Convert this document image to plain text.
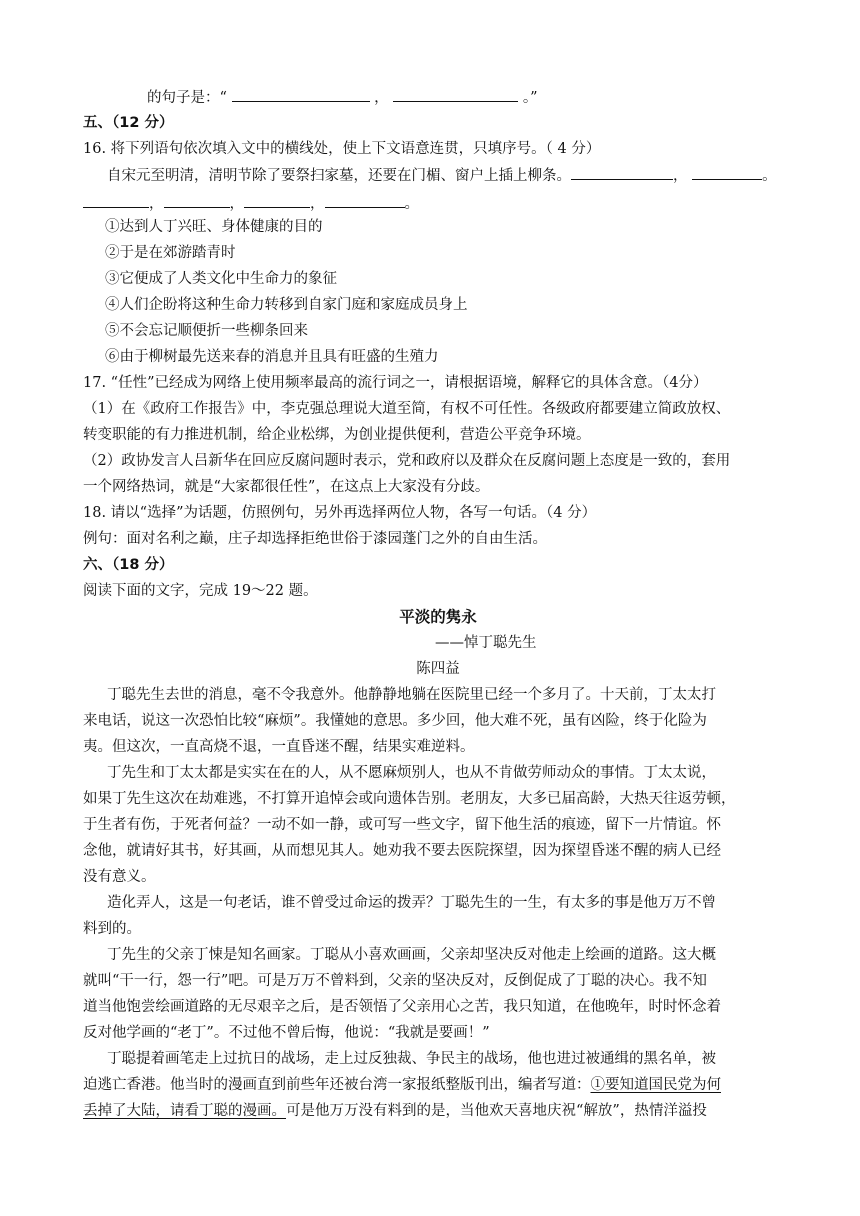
的句子是：“	，	。”
五、（12 分）
16. 将下列语句依次填入文中的横线处，使上下文语意连贯，只填序号。（ 4 分）
自宋元至明清，清明节除了要祭扫家墓，还要在门楣、窗户上插上柳条。	，	。
，	，	，	。
①达到人丁兴旺、身体健康的目的
②于是在郊游踏青时
③它便成了人类文化中生命力的象征
④人们企盼将这种生命力转移到自家门庭和家庭成员身上
⑤不会忘记顺便折一些柳条回来
⑥由于柳树最先送来春的消息并且具有旺盛的生殖力
17. “任性”已经成为网络上使用频率最高的流行词之一，请根据语境，解释它的具体含意。（4分）
（1）在《政府工作报告》中，李克强总理说大道至简，有权不可任性。各级政府都要建立简政放权、
转变职能的有力推进机制，给企业松绑，为创业提供便利，营造公平竞争环境。
（2）政协发言人吕新华在回应反腐问题时表示，党和政府以及群众在反腐问题上态度是一致的，套用
一个网络热词，就是“大家都很任性”，在这点上大家没有分歧。
18. 请以“选择”为话题，仿照例句，另外再选择两位人物，各写一句话。（4 分）
例句：面对名利之巅，庄子却选择拒绝世俗于漆园蓬门之外的自由生活。
六、（18 分）
阅读下面的文字，完成 19～22 题。
平淡的隽永
——悼丁聪先生
陈四益
丁聪先生去世的消息，毫不令我意外。他静静地躺在医院里已经一个多月了。十天前，丁太太打
来电话，说这一次恐怕比较“麻烦”。我懂她的意思。多少回，他大难不死，虽有凶险，终于化险为
夷。但这次，一直高烧不退，一直昏迷不醒，结果实难逆料。
丁先生和丁太太都是实实在在的人，从不愿麻烦别人，也从不肯做劳师动众的事情。丁太太说，
如果丁先生这次在劫难逃，不打算开追悼会或向遗体告别。老朋友，大多已届高龄，大热天往返劳顿，
于生者有伤，于死者何益？一动不如一静，或可写一些文字，留下他生活的痕迹，留下一片情谊。怀
念他，就请好其书，好其画，从而想见其人。她劝我不要去医院探望，因为探望昏迷不醒的病人已经
没有意义。
造化弄人，这是一句老话，谁不曾受过命运的拨弄？丁聪先生的一生，有太多的事是他万万不曾
料到的。
丁先生的父亲丁悚是知名画家。丁聪从小喜欢画画，父亲却坚决反对他走上绘画的道路。这大概
就叫“干一行，怨一行”吧。可是万万不曾料到，父亲的坚决反对，反倒促成了丁聪的决心。我不知
道当他饱尝绘画道路的无尽艰辛之后，是否领悟了父亲用心之苦，我只知道，在他晚年，时时怀念着
反对他学画的“老丁”。不过他不曾后悔，他说：“我就是要画！”
丁聪提着画笔走上过抗日的战场，走上过反独裁、争民主的战场，他也进过被通缉的黑名单，被
迫逃亡香港。他当时的漫画直到前些年还被台湾一家报纸整版刊出，编者写道：①要知道国民党为何
丢掉了大陆，请看丁聪的漫画。可是他万万没有料到的是，当他欢天喜地庆祝“解放”，热情洋溢投
